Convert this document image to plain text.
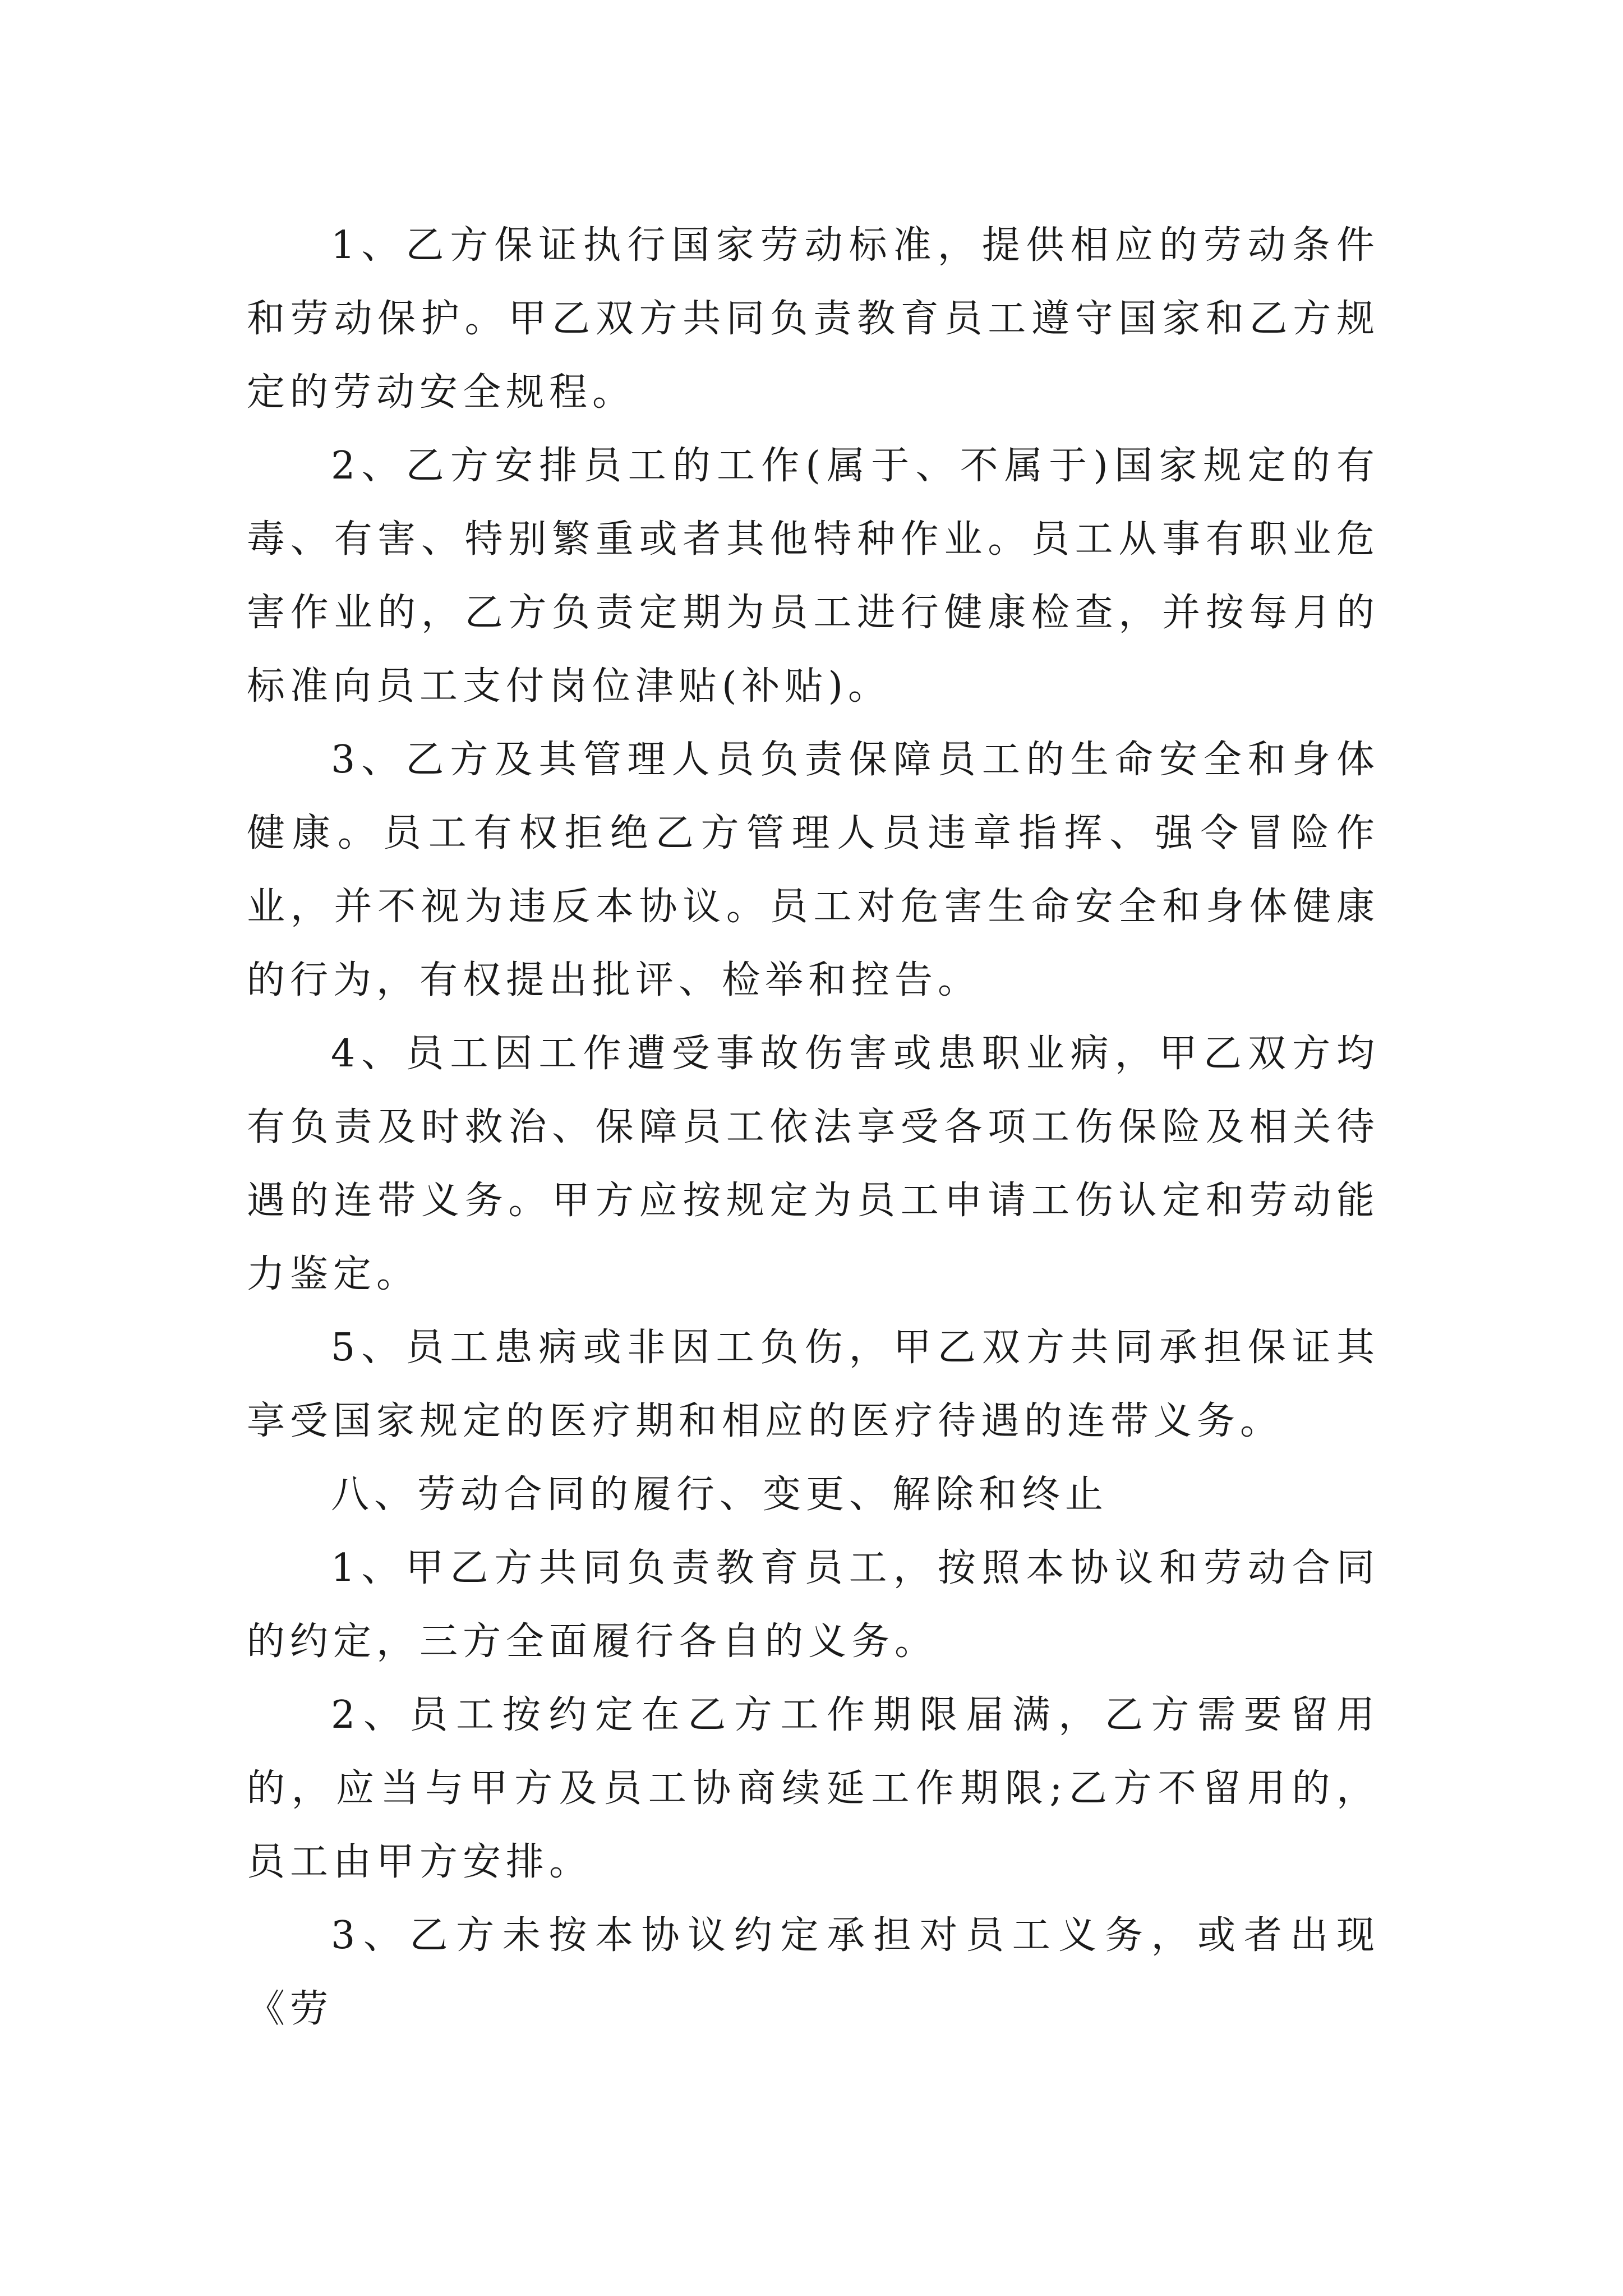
1、乙方保证执行国家劳动标准，提供相应的劳动条件和劳动保护。甲乙双方共同负责教育员工遵守国家和乙方规定的劳动安全规程。

2、乙方安排员工的工作(属于、不属于)国家规定的有毒、有害、特别繁重或者其他特种作业。员工从事有职业危害作业的，乙方负责定期为员工进行健康检查，并按每月的标准向员工支付岗位津贴(补贴)。

3、乙方及其管理人员负责保障员工的生命安全和身体健康。员工有权拒绝乙方管理人员违章指挥、强令冒险作业，并不视为违反本协议。员工对危害生命安全和身体健康的行为，有权提出批评、检举和控告。

4、员工因工作遭受事故伤害或患职业病，甲乙双方均有负责及时救治、保障员工依法享受各项工伤保险及相关待遇的连带义务。甲方应按规定为员工申请工伤认定和劳动能力鉴定。

5、员工患病或非因工负伤，甲乙双方共同承担保证其享受国家规定的医疗期和相应的医疗待遇的连带义务。

八、劳动合同的履行、变更、解除和终止

1、甲乙方共同负责教育员工，按照本协议和劳动合同的约定，三方全面履行各自的义务。

2、员工按约定在乙方工作期限届满，乙方需要留用的，应当与甲方及员工协商续延工作期限;乙方不留用的，员工由甲方安排。

3、乙方未按本协议约定承担对员工义务，或者出现《劳
